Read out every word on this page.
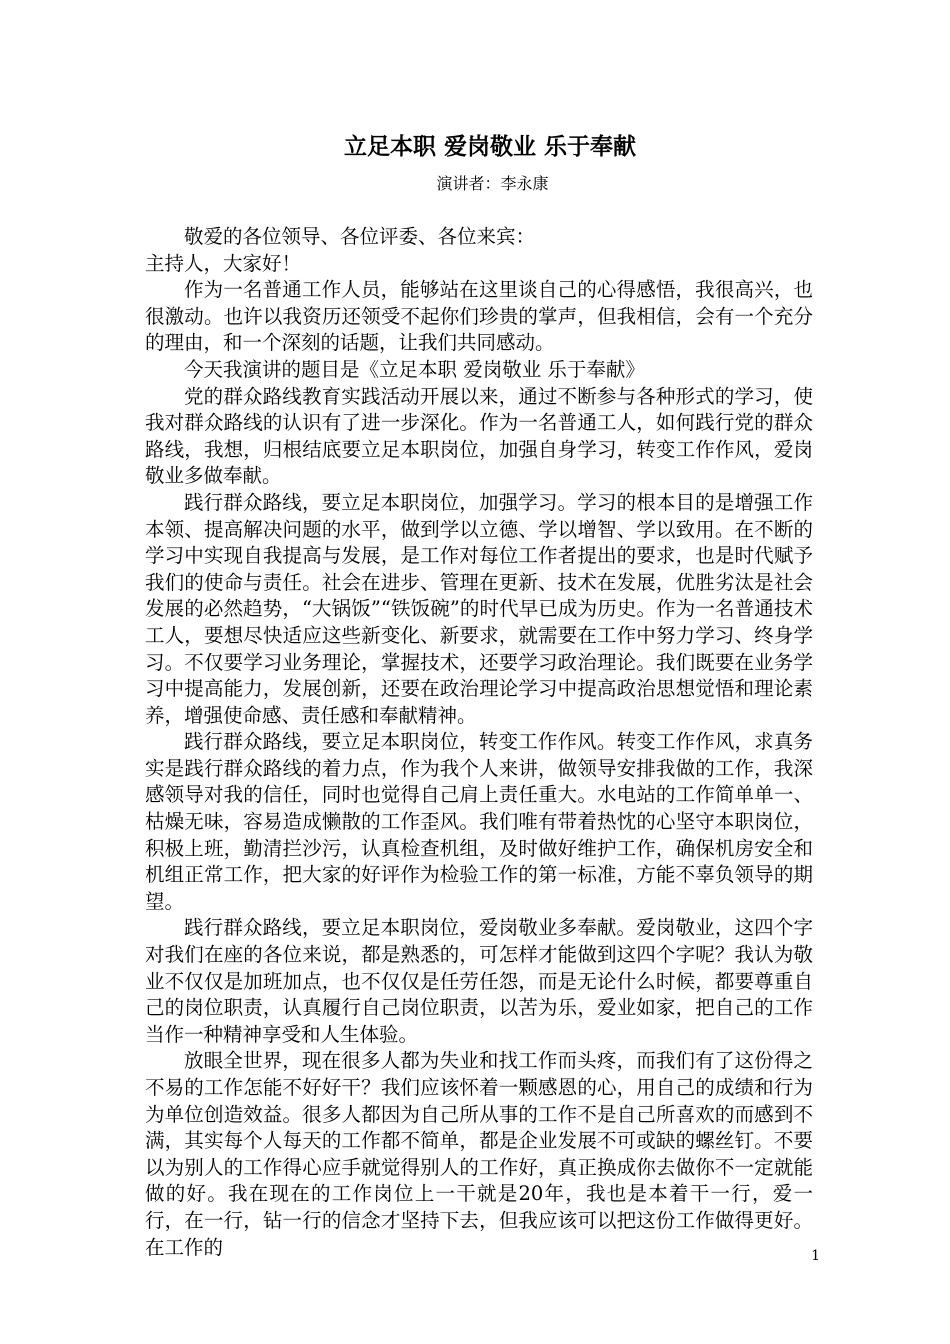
立足本职 爱岗敬业 乐于奉献
演讲者：李永康

敬爱的各位领导、各位评委、各位来宾：

主持人，大家好！

作为一名普通工作人员，能够站在这里谈自己的心得感悟，我很高兴，也很激动。也许以我资历还领受不起你们珍贵的掌声，但我相信，会有一个充分的理由，和一个深刻的话题，让我们共同感动。

今天我演讲的题目是《立足本职 爱岗敬业 乐于奉献》

党的群众路线教育实践活动开展以来，通过不断参与各种形式的学习，使我对群众路线的认识有了进一步深化。作为一名普通工人，如何践行党的群众路线，我想，归根结底要立足本职岗位，加强自身学习，转变工作作风，爱岗敬业多做奉献。

践行群众路线，要立足本职岗位，加强学习。学习的根本目的是增强工作本领、提高解决问题的水平，做到学以立德、学以增智、学以致用。在不断的学习中实现自我提高与发展，是工作对每位工作者提出的要求，也是时代赋予我们的使命与责任。社会在进步、管理在更新、技术在发展，优胜劣汰是社会发展的必然趋势，“大锅饭”“铁饭碗”的时代早已成为历史。作为一名普通技术工人，要想尽快适应这些新变化、新要求，就需要在工作中努力学习、终身学习。不仅要学习业务理论，掌握技术，还要学习政治理论。我们既要在业务学习中提高能力，发展创新，还要在政治理论学习中提高政治思想觉悟和理论素养，增强使命感、责任感和奉献精神。

践行群众路线，要立足本职岗位，转变工作作风。转变工作作风，求真务实是践行群众路线的着力点，作为我个人来讲，做领导安排我做的工作，我深感领导对我的信任，同时也觉得自己肩上责任重大。水电站的工作简单单一、枯燥无味，容易造成懒散的工作歪风。我们唯有带着热忱的心坚守本职岗位，积极上班，勤清拦沙污，认真检查机组，及时做好维护工作，确保机房安全和机组正常工作，把大家的好评作为检验工作的第一标准，方能不辜负领导的期望。

践行群众路线，要立足本职岗位，爱岗敬业多奉献。爱岗敬业，这四个字对我们在座的各位来说，都是熟悉的，可怎样才能做到这四个字呢？我认为敬业不仅仅是加班加点，也不仅仅是任劳任怨，而是无论什么时候，都要尊重自己的岗位职责，认真履行自己岗位职责，以苦为乐，爱业如家，把自己的工作当作一种精神享受和人生体验。

放眼全世界，现在很多人都为失业和找工作而头疼，而我们有了这份得之不易的工作怎能不好好干？我们应该怀着一颗感恩的心，用自己的成绩和行为为单位创造效益。很多人都因为自己所从事的工作不是自己所喜欢的而感到不满，其实每个人每天的工作都不简单，都是企业发展不可或缺的螺丝钉。不要以为别人的工作得心应手就觉得别人的工作好，真正换成你去做你不一定就能做的好。我在现在的工作岗位上一干就是20年，我也是本着干一行，爱一行，在一行，钻一行的信念才坚持下去，但我应该可以把这份工作做得更好。在工作的	1
